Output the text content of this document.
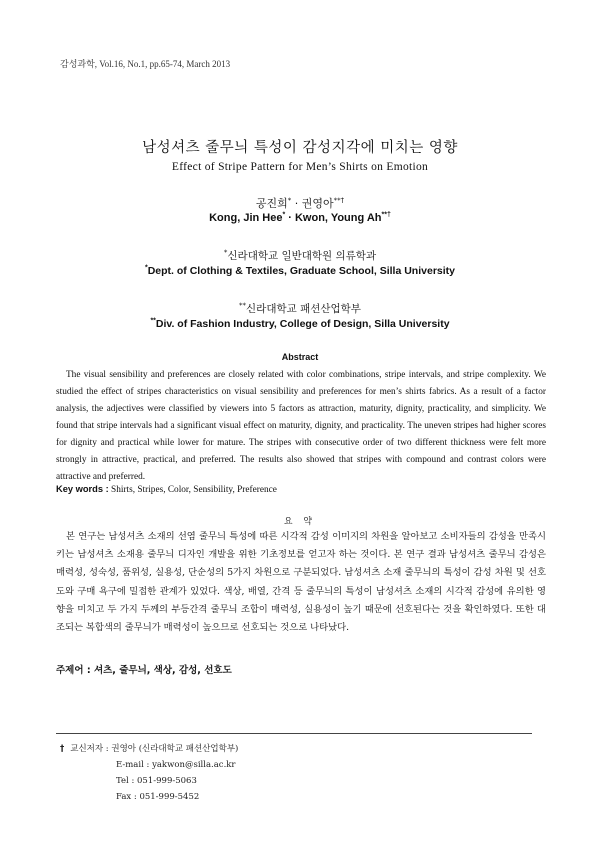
감성과학, Vol.16, No.1, pp.65-74, March 2013
남성셔츠 줄무늬 특성이 감성지각에 미치는 영향
Effect of Stripe Pattern for Men’s Shirts on Emotion
공진희* · 권영아**†
Kong, Jin Hee* · Kwon, Young Ah**†
*신라대학교 일반대학원 의류학과
*Dept. of Clothing & Textiles, Graduate School, Silla University
**신라대학교 패션산업학부
**Div. of Fashion Industry, College of Design, Silla University
Abstract
The visual sensibility and preferences are closely related with color combinations, stripe intervals, and stripe complexity. We studied the effect of stripes characteristics on visual sensibility and preferences for men’s shirts fabrics. As a result of a factor analysis, the adjectives were classified by viewers into 5 factors as attraction, maturity, dignity, practicality, and simplicity. We found that stripe intervals had a significant visual effect on maturity, dignity, and practicality. The uneven stripes had higher scores for dignity and practical while lower for mature. The stripes with consecutive order of two different thickness were felt more strongly in attractive, practical, and preferred. The results also showed that stripes with compound and contrast colors were attractive and preferred.
Key words : Shirts, Stripes, Color, Sensibility, Preference
요 약
본 연구는 남성셔츠 소재의 선염 줄무늬 특성에 따른 시각적 감성 이미지의 차원을 알아보고 소비자들의 감성을 만족시키는 남성셔츠 소재용 줄무늬 디자인 개발을 위한 기초정보를 얻고자 하는 것이다. 본 연구 결과 남성셔츠 줄무늬 감성은 매력성, 성숙성, 품위성, 실용성, 단순성의 5가지 차원으로 구분되었다. 남성셔츠 소재 줄무늬의 특성이 감성 차원 및 선호도와 구매 욕구에 밀접한 관계가 있었다. 색상, 배열, 간격 등 줄무늬의 특성이 남성셔츠 소재의 시각적 감성에 유의한 영향을 미치고 두 가지 두께의 부등간격 줄무늬 조합이 매력성, 실용성이 높기 때문에 선호된다는 것을 확인하였다. 또한 대조되는 복합색의 줄무늬가 매력성이 높으므로 선호되는 것으로 나타났다.
주제어 : 셔츠, 줄무늬, 색상, 감성, 선호도
† 교신저자 : 권영아 (신라대학교 패션산업학부)
E-mail : yakwon@silla.ac.kr
Tel : 051-999-5063
Fax : 051-999-5452
